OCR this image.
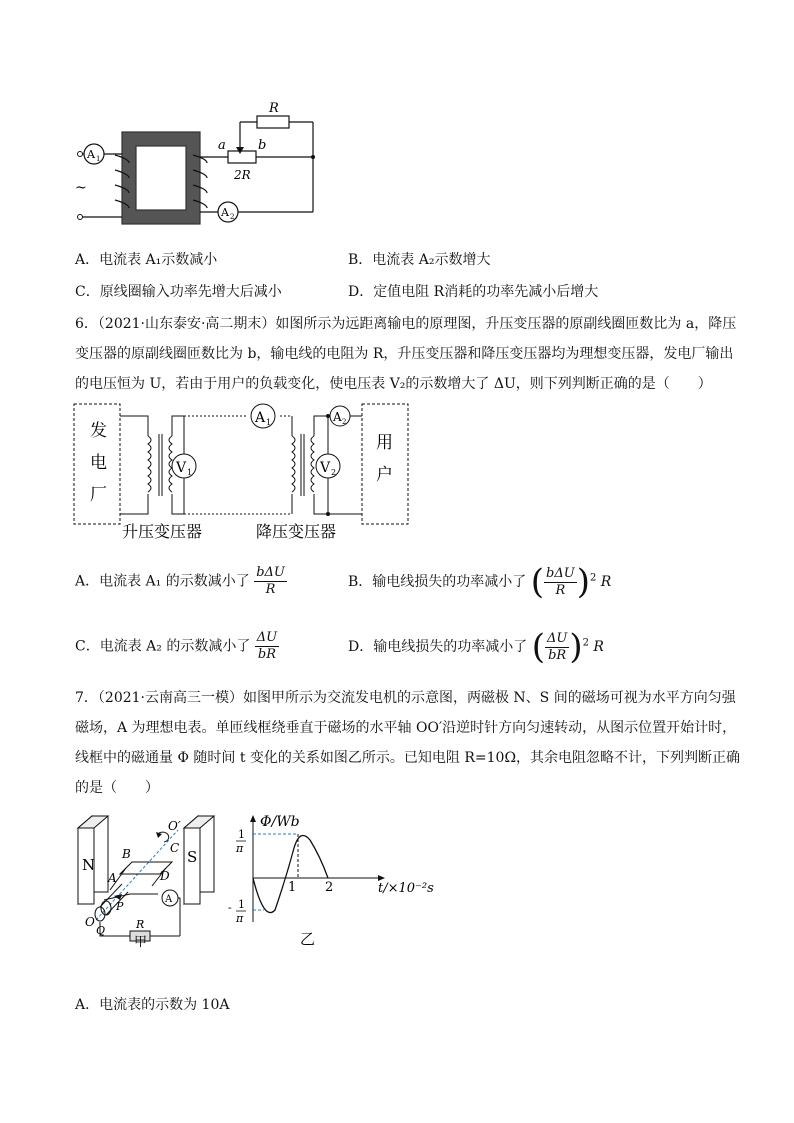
R
a b
2R
A 1
A 2
~
A．电流表 A₁示数减小	B．电流表 A₂示数增大
C．原线圈输入功率先增大后减小	D．定值电阻 R消耗的功率先减小后增大
6．（2021·山东泰安·高二期末）如图所示为远距离输电的原理图，升压变压器的原副线圈匝数比为 a，降压
变压器的原副线圈匝数比为 b，输电线的电阻为 R，升压变压器和降压变压器均为理想变压器，发电厂输出
的电压恒为 U，若由于用户的负载变化，使电压表 V₂的示数增大了 ΔU，则下列判断正确的是（　　）
发
电
厂
用
户
升压变压器	降压变压器
V 1	V 2
A 1	A 2
A．电流表 A₁ 的示数减小了 $\frac{\text{bΔU}}{R}$	B．输电线损失的功率减小了 ( $\frac{\text{bΔU}}{R} )^2$ R
C．电流表 A₂ 的示数减小了 $\frac{\Delta U}{bR}$	D．输电线损失的功率减小了 ( $\frac{\Delta U}{bR} )^2$ R
7．（2021·云南高三一模）如图甲所示为交流发电机的示意图，两磁极 N、S 间的磁场可视为水平方向匀强
磁场，A 为理想电表。单匝线框绕垂直于磁场的水平轴 OO′沿逆时针方向匀速转动，从图示位置开始计时，
线框中的磁通量 Φ 随时间 t 变化的关系如图乙所示。已知电阻 R=10Ω，其余电阻忽略不计，下列判断正确
的是（　　）
N	S
O′
O
B	C
A	D
P
Q	R
A
甲
Φ/Wb
t/×10⁻²s
1 2
1
π
- 1
π
乙
A．电流表的示数为 10A
